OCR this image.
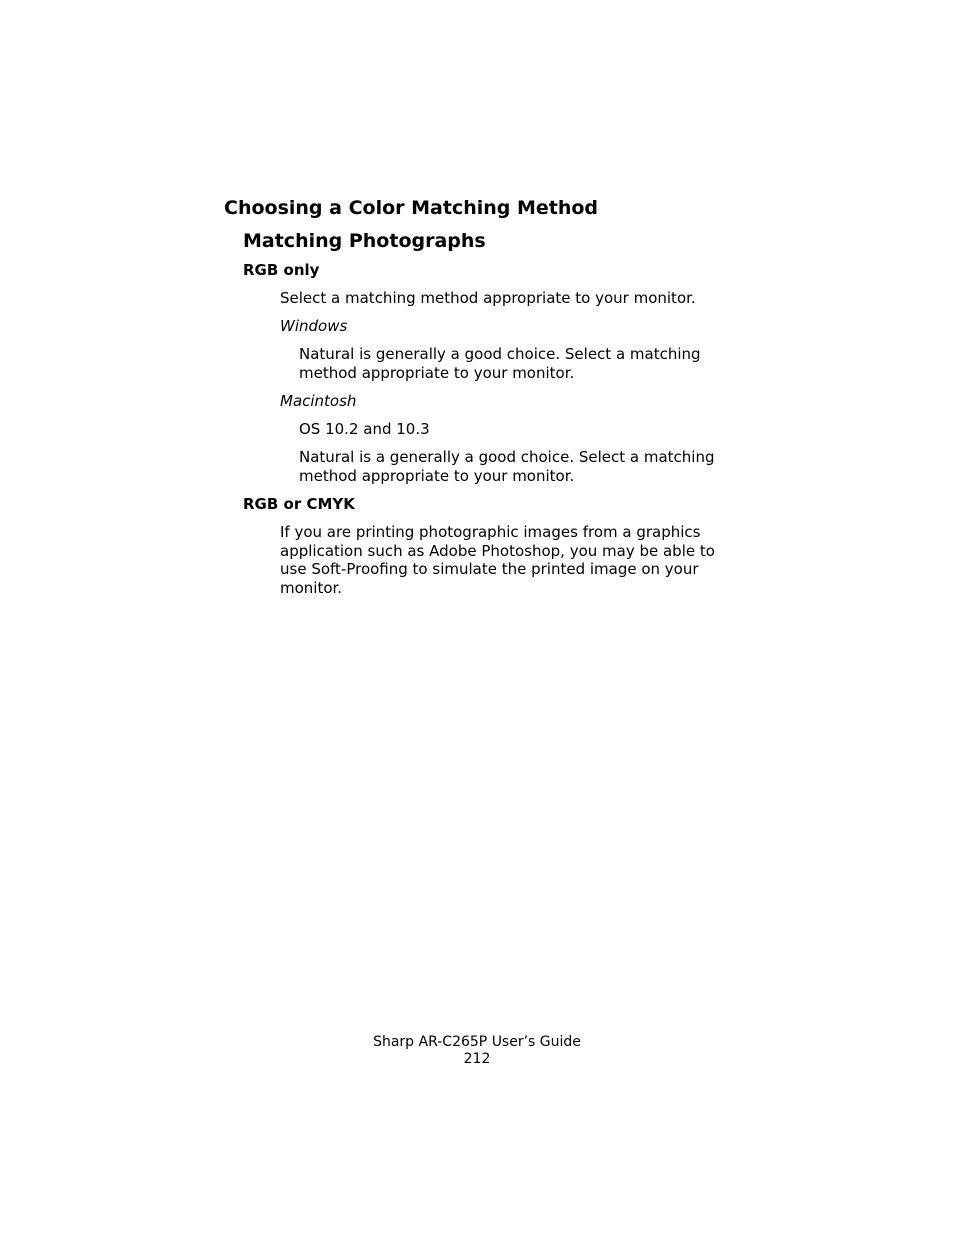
Choosing a Color Matching Method
Matching Photographs
RGB only

Select a matching method appropriate to your monitor.

Windows

Natural is generally a good choice. Select a matching method appropriate to your monitor.

Macintosh

OS 10.2 and 10.3

Natural is a generally a good choice. Select a matching method appropriate to your monitor.

RGB or CMYK

If you are printing photographic images from a graphics application such as Adobe Photoshop, you may be able to use Soft-Proofing to simulate the printed image on your monitor.

Sharp AR-C265P User’s Guide

212
